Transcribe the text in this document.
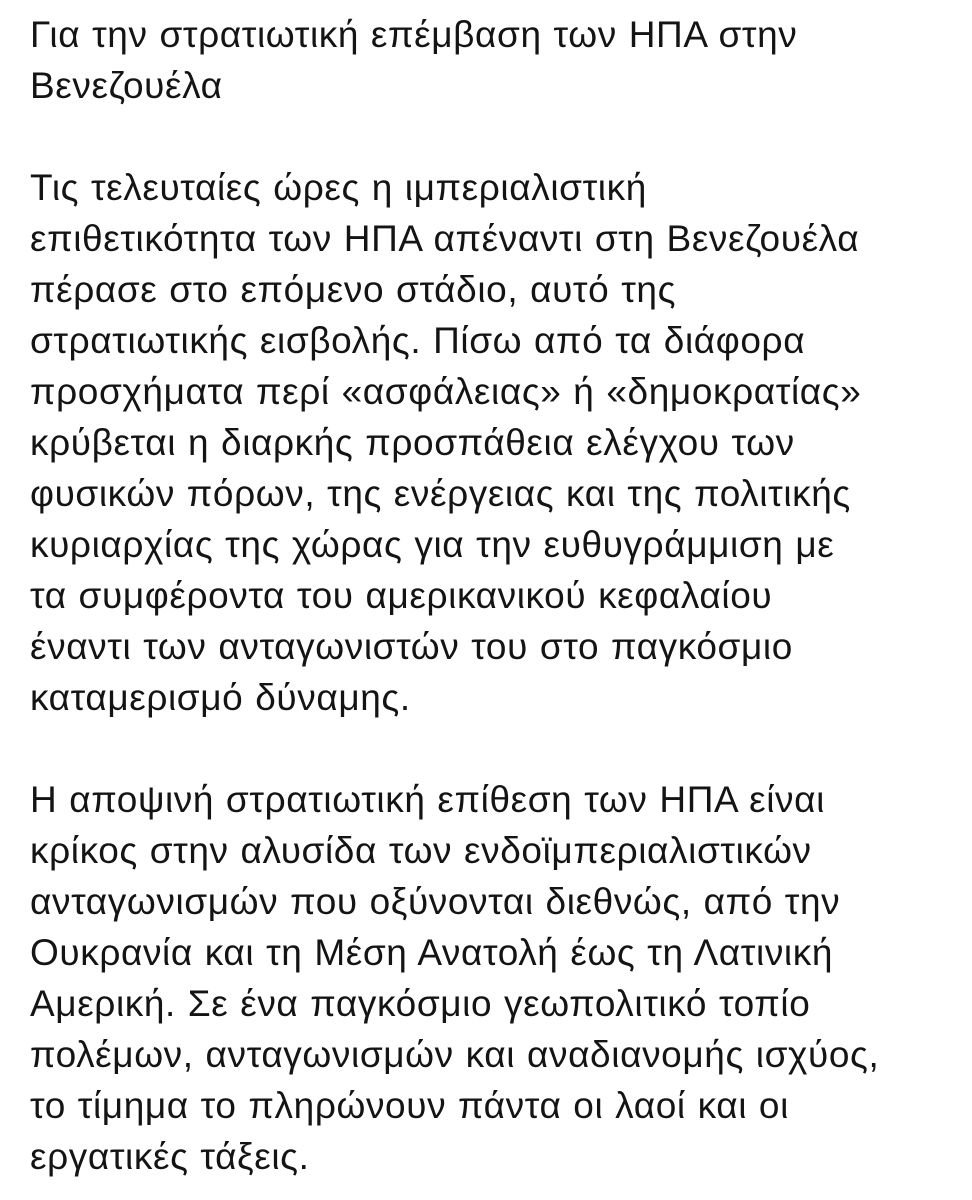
Για την στρατιωτική επέμβαση των ΗΠΑ στην
Βενεζουέλα
Τις τελευταίες ώρες η ιμπεριαλιστική
επιθετικότητα των ΗΠΑ απέναντι στη Βενεζουέλα
πέρασε στο επόμενο στάδιο, αυτό της
στρατιωτικής εισβολής. Πίσω από τα διάφορα
προσχήματα περί «ασφάλειας» ή «δημοκρατίας»
κρύβεται η διαρκής προσπάθεια ελέγχου των
φυσικών πόρων, της ενέργειας και της πολιτικής
κυριαρχίας της χώρας για την ευθυγράμμιση με
τα συμφέροντα του αμερικανικού κεφαλαίου
έναντι των ανταγωνιστών του στο παγκόσμιο
καταμερισμό δύναμης.
Η αποψινή στρατιωτική επίθεση των ΗΠΑ είναι
κρίκος στην αλυσίδα των ενδοϊμπεριαλιστικών
ανταγωνισμών που οξύνονται διεθνώς, από την
Ουκρανία και τη Μέση Ανατολή έως τη Λατινική
Αμερική. Σε ένα παγκόσμιο γεωπολιτικό τοπίο
πολέμων, ανταγωνισμών και αναδιανομής ισχύος,
το τίμημα το πληρώνουν πάντα οι λαοί και οι
εργατικές τάξεις.
